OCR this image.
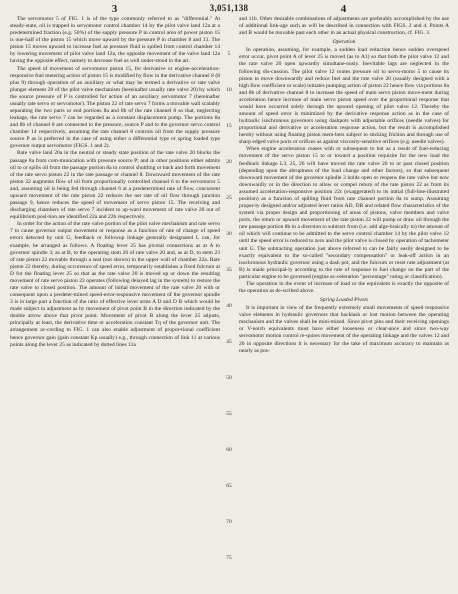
3	3,051,138	4

The servomotor 5 of FIG. 1 is of the type commonly referred to as "differential." At steady-state, oil is trapped in servomotor control chamber 14 by the pilot valve land 12a at a predetermined fraction (e.g. 50%) of the supply pressure P in control area of power piston 15 is one-half of the piston 15 which move upward by the pressure P in chamber 8 and 13. The piston 15 moves upward to increase fuel as pressure fluid is spilled from control chamber 14 by lowering movement of pilot valve land 12a, the opposite movement of the valve land 12a having the opposite effect, namely to decrease fuel as well under-stood in the art.

The speed of movement of servomotor piston 15, for derivative or engine-acceleration-responsive fuel metering action of piston 15 is modified by flow in the derivative channel 8 (8 plus 9) through operation of an auxiliary or what may be termed a derivative or rate valve plunger element 20 of the pilot valve mechanism (hereinafter usually rate valve 20) by which the source pressure of P is controlled for action of an auxiliary servomotor 7 (hereinafter usually rate servo or servomotor). The piston 22 of rate servo 7 forms a movable wall scalably separating the two parts or end portions 8a and 8b of the rate channel 8 so that, neglecting leakage, the rate servo 7 can be regarded as a constant displacement pump. The portions 8a and 8b of channel 8 are connected to the pressure, source P and to the governor servo control chamber 14 respectively, assuming the rate channel 8 controls oil from the supply pressure source P as is preferred in the case of using either a differential type or spring loaded type governor output servomotor (FIGS. 1 and 2).

Rate valve land 20a in the neutral or steady state position of the rate valve 20 blocks the passage 8a from com-munication with pressure source P; and in other positions either admits oil to or spills oil from the passage portion 8a to control shuttling or back and forth movement of the rate servo piston 22 in the rate passage or channel 8. Downward movement of the rate piston 22 augments flow of oil from proportionally controlled channel 6 to the servomotor 5 and, assuming oil is being fed through channel 6 at a predetermined rate of flow, concurrent upward movement of the rate piston 22 reduces the net rate of oil flow through junction passage 9, hence reduces the speed of movement of servo piston 15. The receiving and discharging chambers of rate servo 7 incident to up-ward movement of rate valve 20 out of equilibrium posi-tion are identified 22a and 22b respectively.

In order for the action of the rate valve portion of the pilot valve mechanism and rate servo 7 to cause governor output movement or response as a function of rate of change of speed errors detected by unit G, feedback or followup linkage generally designated L can, for example, be arranged as follows. A floating lever 25 has pivotal connections as at A to governor spindle 3; as at B, to the operating stem 26 of rate valve 20 and, as at D, to stem 23 of rate piston 22 movable through a seal (not shown) in the upper wall of chamber 22a. Rate piston 22 thereby, during occurrence of speed error, temporarily establishes a fixed fulcrum at D for the floating lever 25 so that as the rate valve 20 is moved up or down the resulting movement of rate servo piston 22 operates (following delayed lag in the system) to restore the rate valve to closed position. The amount of initial movement of the rate valve 20 with or consequent upon a predeter-mined speed-error-responsive movement of the governor spindle 3 is in large part a function of the ratio of effective lever arms A D and D B which would be made subject to adjustment as by movement of pivot point B in the direction indicated by the double arrow above that pivot point. Movement of pivot B along the lever 25 adjusts, principally at least, the derivative time or acceleration constant Tq of the governor unit. The arrangement ac-cording to FIG. 1 can also enable adjustment of propor-tional coefficient hence governor gain (gain constant Kp usually) e.g., through connection of link 11 at various points along the lever 25 as indicated by dotted lines 11a

and 11b. Other desirable combinations of adjustments are preferably accomplished by the use of additional link-age such as will be described in connection with FIGS. 2 and 4. Points A and B would be movable past each other in an actual physical construction, cf. FIG. 3.

Operation

In operation, assuming, for example, a sudden load reduction hence sudden overspeed error occur, pivot point A of lever 25 is moved (as to A1) so that both the pilot valve 12 and the rate valve 20 open upwardly simultane-ously. Inevitable lags are neglected in the following dis-cussion. The pilot valve 12 routes pressure oil to servo-motor 5 to cause its piston to move downwardly and reduce fuel and the rate valve 20 (usually designed with a high flow coefficient or scale) initiates pumping action of piston 22 hence flow via portions 8a and 8b of derivative channel 8 to increase the speed of main servo piston move-ment during acceleration hence increase of main servo piston speed over the proportional response that would have occurred solely through the upward opening of pilot valve 12. Thereby the amount of speed error is minimized by the derivative response action as in the case of hydraulic isochronous governors using dashpots with adjustable orifices (needle valves) for proportional and derivative or acceleration response action, but the result is accomplished hereby without using floating piston mem-bers subject to sticking friction and through use of sharp edged valve ports or orifices as against viscosity-sensitive orifices (e.g. needle valves).

When engine acceleration ceases with or subsequent to but as a result of fuel-reducing movement of the servo piston 15 to or toward a position requisite for the new load the feedback linkage L3, 25, 26 will have moved the rate valve 20 to or past closed position (depending upon the abruptness of the load change and other factors), so that subsequent downward movement of the governor spindle 3 holds open or reopens the rate valve but now downwardly or in the direction to allow or compel return of the rate piston 22 as from its assumed acceleration-responsive position 22c (exaggerated) to its initial (full-line-illustrated position) as a function of spilling fluid from rate channel portion 8a to sump. Assuming proper-ly designed and/or adjusted lever ratios AD, DB and related flow characteristics of the system via proper design and proportioning of areas of pistons, valve members and valve ports, the return or upward movement of the rate piston 22 will pump or draw oil through the rate passage portion 8b in a direction to subtract from (i.e. add alge-braically to) the amount of oil which will continue to be admitted to the servo control chamber 14 by the pilot valve 12 until the speed error is reduced to zero and the pilot valve is closed by operation of tachometer unit G. The subtracting operation just above referred to can be fairly easily designed to be exactly equivalent to the so-called "secondary compensation" or leak-off action in an isochronous hydraulic governor using a dash pot, and the fulcrum or reset rate adjustment (at B) is made principal-ly according to the rate of response to fuel change on the part of the particular engine to be governed (engine ac-celeration "percentage" rating or classification).

The operation in the event of increase of load or the equivalent is exactly the opposite of the operation as de-scribed above.

Spring Loaded Pivots

It is important in view of the frequently extremely small movements of speed responsive valve elements in hydraulic governors that backlash or lost motion between the operating mechanism and the valves shall be mini-mized. Since pivot pins and their receiving openings or V-notch equivalents must have either looseness or clear-ance and since two-way servomotor motion control re-quires movement of the operating linkage and the valves 12 and 20 in opposite directions it is necessary for the take of maximum accuracy to maintain as nearly as pos-

5
10
15
20
25
30
35
40
45
50
55
60
65
70
75
